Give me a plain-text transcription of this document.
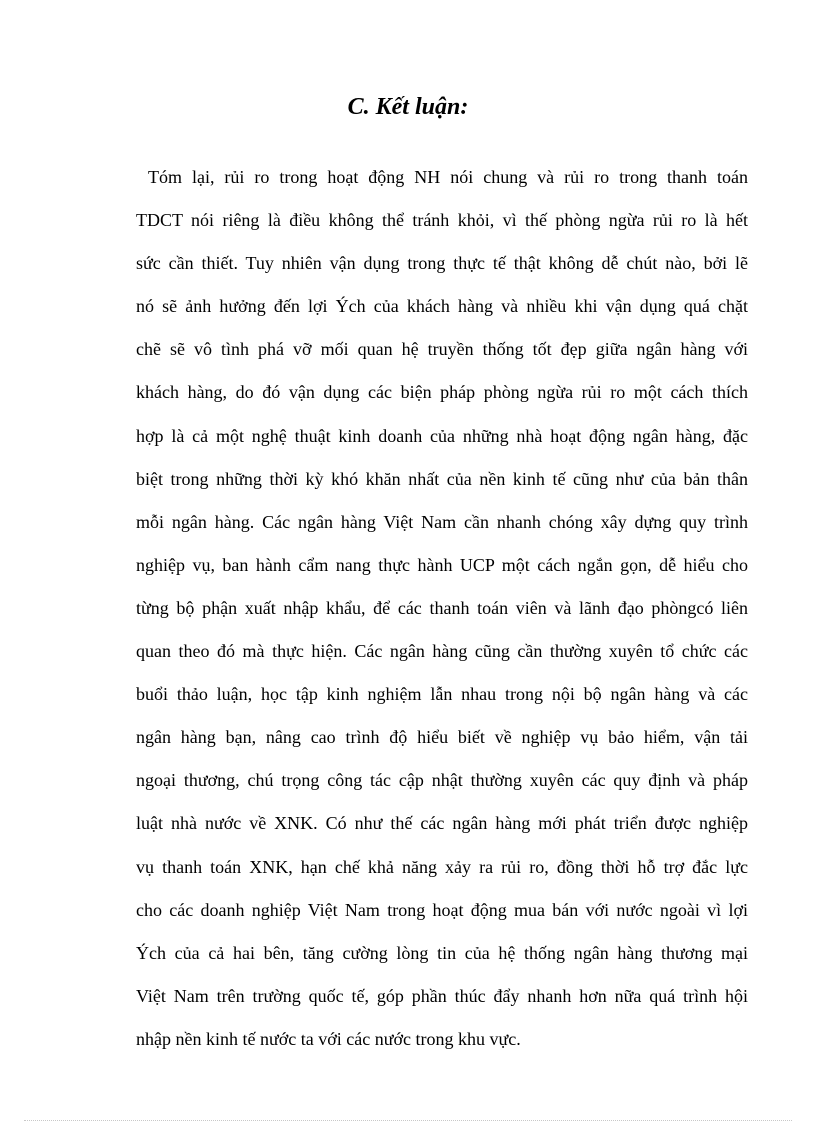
C. Kết luận:
Tóm lại, rủi ro trong hoạt động NH nói chung và rủi ro trong thanh toán
TDCT nói riêng là điều không thể tránh khỏi, vì thế phòng ngừa rủi ro là hết
sức cần thiết. Tuy nhiên vận dụng trong thực tế thật không dễ chút nào, bởi lẽ
nó sẽ ảnh hưởng đến lợi Ých của khách hàng và nhiều khi vận dụng quá chặt
chẽ sẽ vô tình phá vỡ mối quan hệ truyền thống tốt đẹp giữa ngân hàng với
khách hàng, do đó vận dụng các biện pháp phòng ngừa rủi ro một cách thích
hợp là cả một nghệ thuật kinh doanh của những nhà hoạt động ngân hàng, đặc
biệt trong những thời kỳ khó khăn nhất của nền kinh tế cũng như của bản thân
mỗi ngân hàng. Các ngân hàng Việt Nam cần nhanh chóng xây dựng quy trình
nghiệp vụ, ban hành cẩm nang thực hành UCP một cách ngắn gọn, dễ hiểu cho
từng bộ phận xuất nhập khẩu, để các thanh toán viên và lãnh đạo phòngcó liên
quan theo đó mà thực hiện. Các ngân hàng cũng cần thường xuyên tổ chức các
buổi thảo luận, học tập kinh nghiệm lẫn nhau trong nội bộ ngân hàng và các
ngân hàng bạn, nâng cao trình độ hiểu biết về nghiệp vụ bảo hiểm, vận tải
ngoại thương, chú trọng công tác cập nhật thường xuyên các quy định và pháp
luật nhà nước về XNK. Có như thế các ngân hàng mới phát triển được nghiệp
vụ thanh toán XNK, hạn chế khả năng xảy ra rủi ro, đồng thời hỗ trợ đắc lực
cho các doanh nghiệp Việt Nam trong hoạt động mua bán với nước ngoài vì lợi
Ých của cả hai bên, tăng cường lòng tin của hệ thống ngân hàng thương mại
Việt Nam trên trường quốc tế, góp phần thúc đẩy nhanh hơn nữa quá trình hội
nhập nền kinh tế nước ta với các nước trong khu vực.
